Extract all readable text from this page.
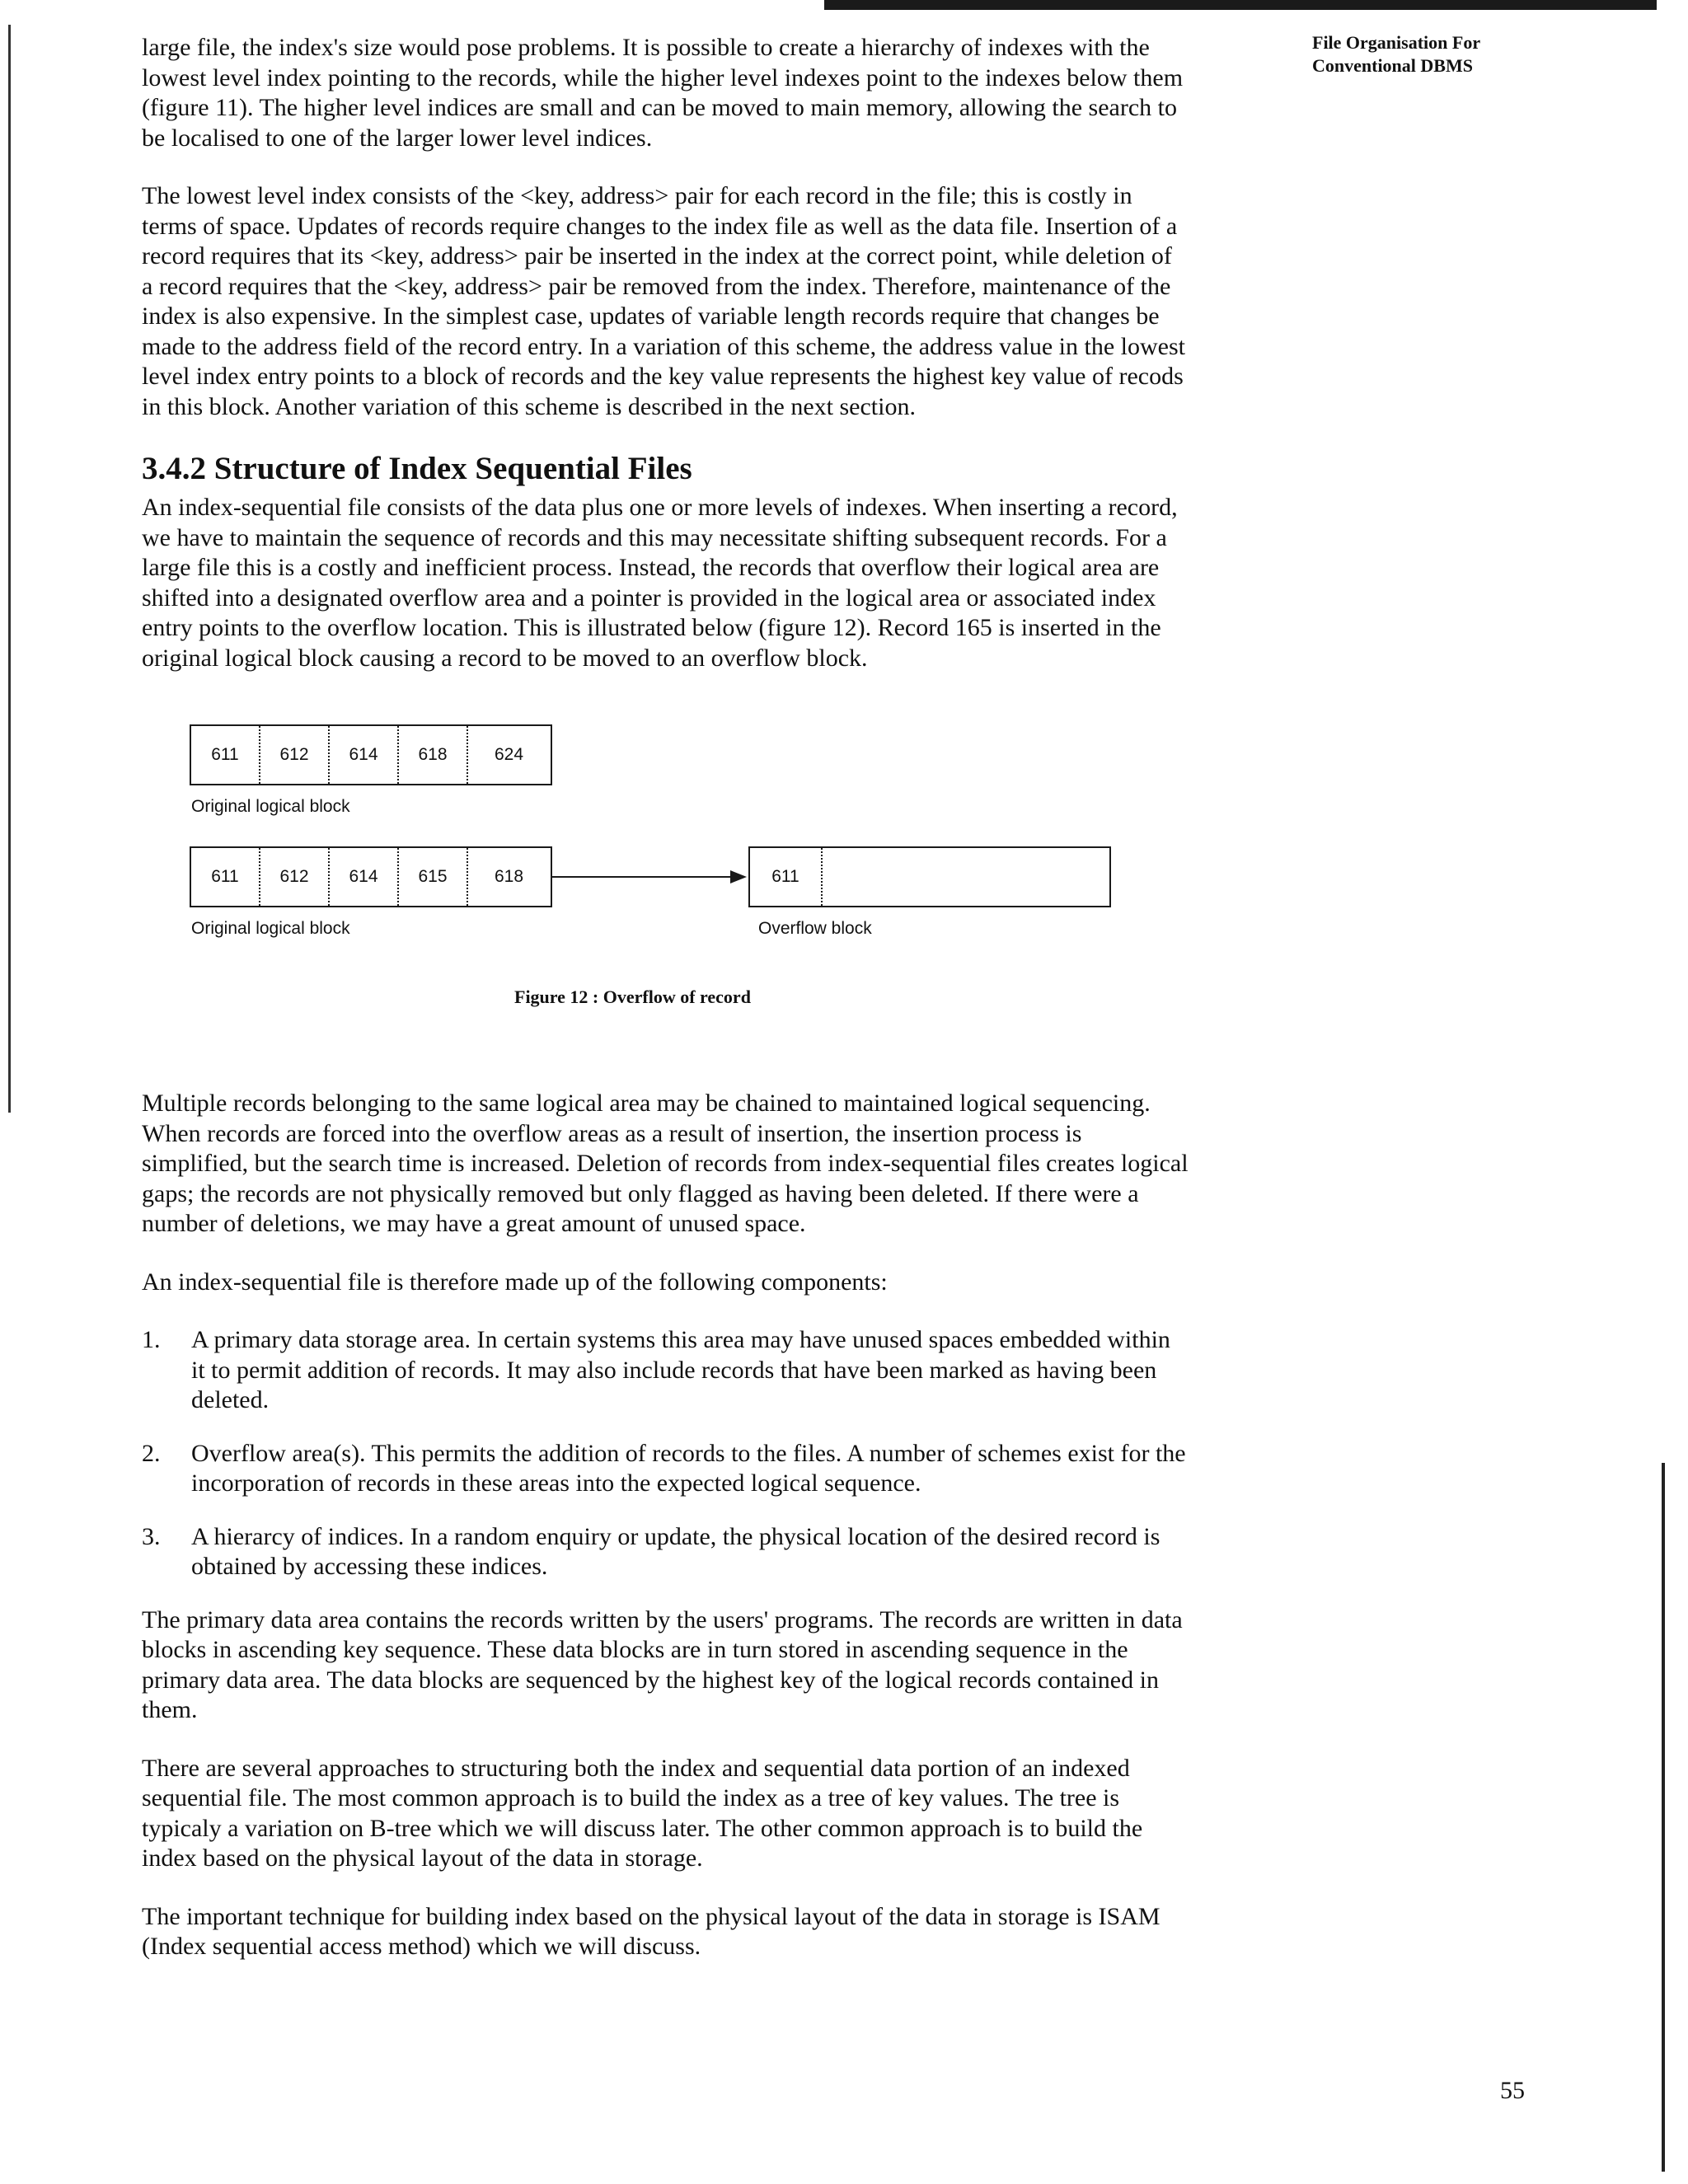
File Organisation For Conventional DBMS

large file, the index's size would pose problems. It is possible to create a hierarchy of indexes with the lowest level index pointing to the records, while the higher level indexes point to the indexes below them (figure 11). The higher level indices are small and can be moved to main memory, allowing the search to be localised to one of the larger lower level indices.

The lowest level index consists of the <key, address> pair for each record in the file; this is costly in terms of space. Updates of records require changes to the index file as well as the data file. Insertion of a record requires that its <key, address> pair be inserted in the index at the correct point, while deletion of a record requires that the <key, address> pair be removed from the index. Therefore, maintenance of the index is also expensive. In the simplest case, updates of variable length records require that changes be made to the address field of the record entry. In a variation of this scheme, the address value in the lowest level index entry points to a block of records and the key value represents the highest key value of recods in this block. Another variation of this scheme is described in the next section.

3.4.2 Structure of Index Sequential Files

An index-sequential file consists of the data plus one or more levels of indexes. When inserting a record, we have to maintain the sequence of records and this may necessitate shifting subsequent records. For a large file this is a costly and inefficient process. Instead, the records that overflow their logical area are shifted into a designated overflow area and a pointer is provided in the logical area or associated index entry points to the overflow location. This is illustrated below (figure 12). Record 165 is inserted in the original logical block causing a record to be moved to an overflow block.

611	612	614	618	624
Original logical block
611	612	614	615	618
Original logical block
611
Overflow block
Figure 12 : Overflow of record

Multiple records belonging to the same logical area may be chained to maintained logical sequencing. When records are forced into the overflow areas as a result of insertion, the insertion process is simplified, but the search time is increased. Deletion of records from index-sequential files creates logical gaps; the records are not physically removed but only flagged as having been deleted. If there were a number of deletions, we may have a great amount of unused space.

An index-sequential file is therefore made up of the following components:

1. A primary data storage area. In certain systems this area may have unused spaces embedded within it to permit addition of records. It may also include records that have been marked as having been deleted.
2. Overflow area(s). This permits the addition of records to the files. A number of schemes exist for the incorporation of records in these areas into the expected logical sequence.
3. A hierarcy of indices. In a random enquiry or update, the physical location of the desired record is obtained by accessing these indices.

The primary data area contains the records written by the users' programs. The records are written in data blocks in ascending key sequence. These data blocks are in turn stored in ascending sequence in the primary data area. The data blocks are sequenced by the highest key of the logical records contained in them.

There are several approaches to structuring both the index and sequential data portion of an indexed sequential file. The most common approach is to build the index as a tree of key values. The tree is typicaly a variation on B-tree which we will discuss later. The other common approach is to build the index based on the physical layout of the data in storage.

The important technique for building index based on the physical layout of the data in storage is ISAM (Index sequential access method) which we will discuss.

55
